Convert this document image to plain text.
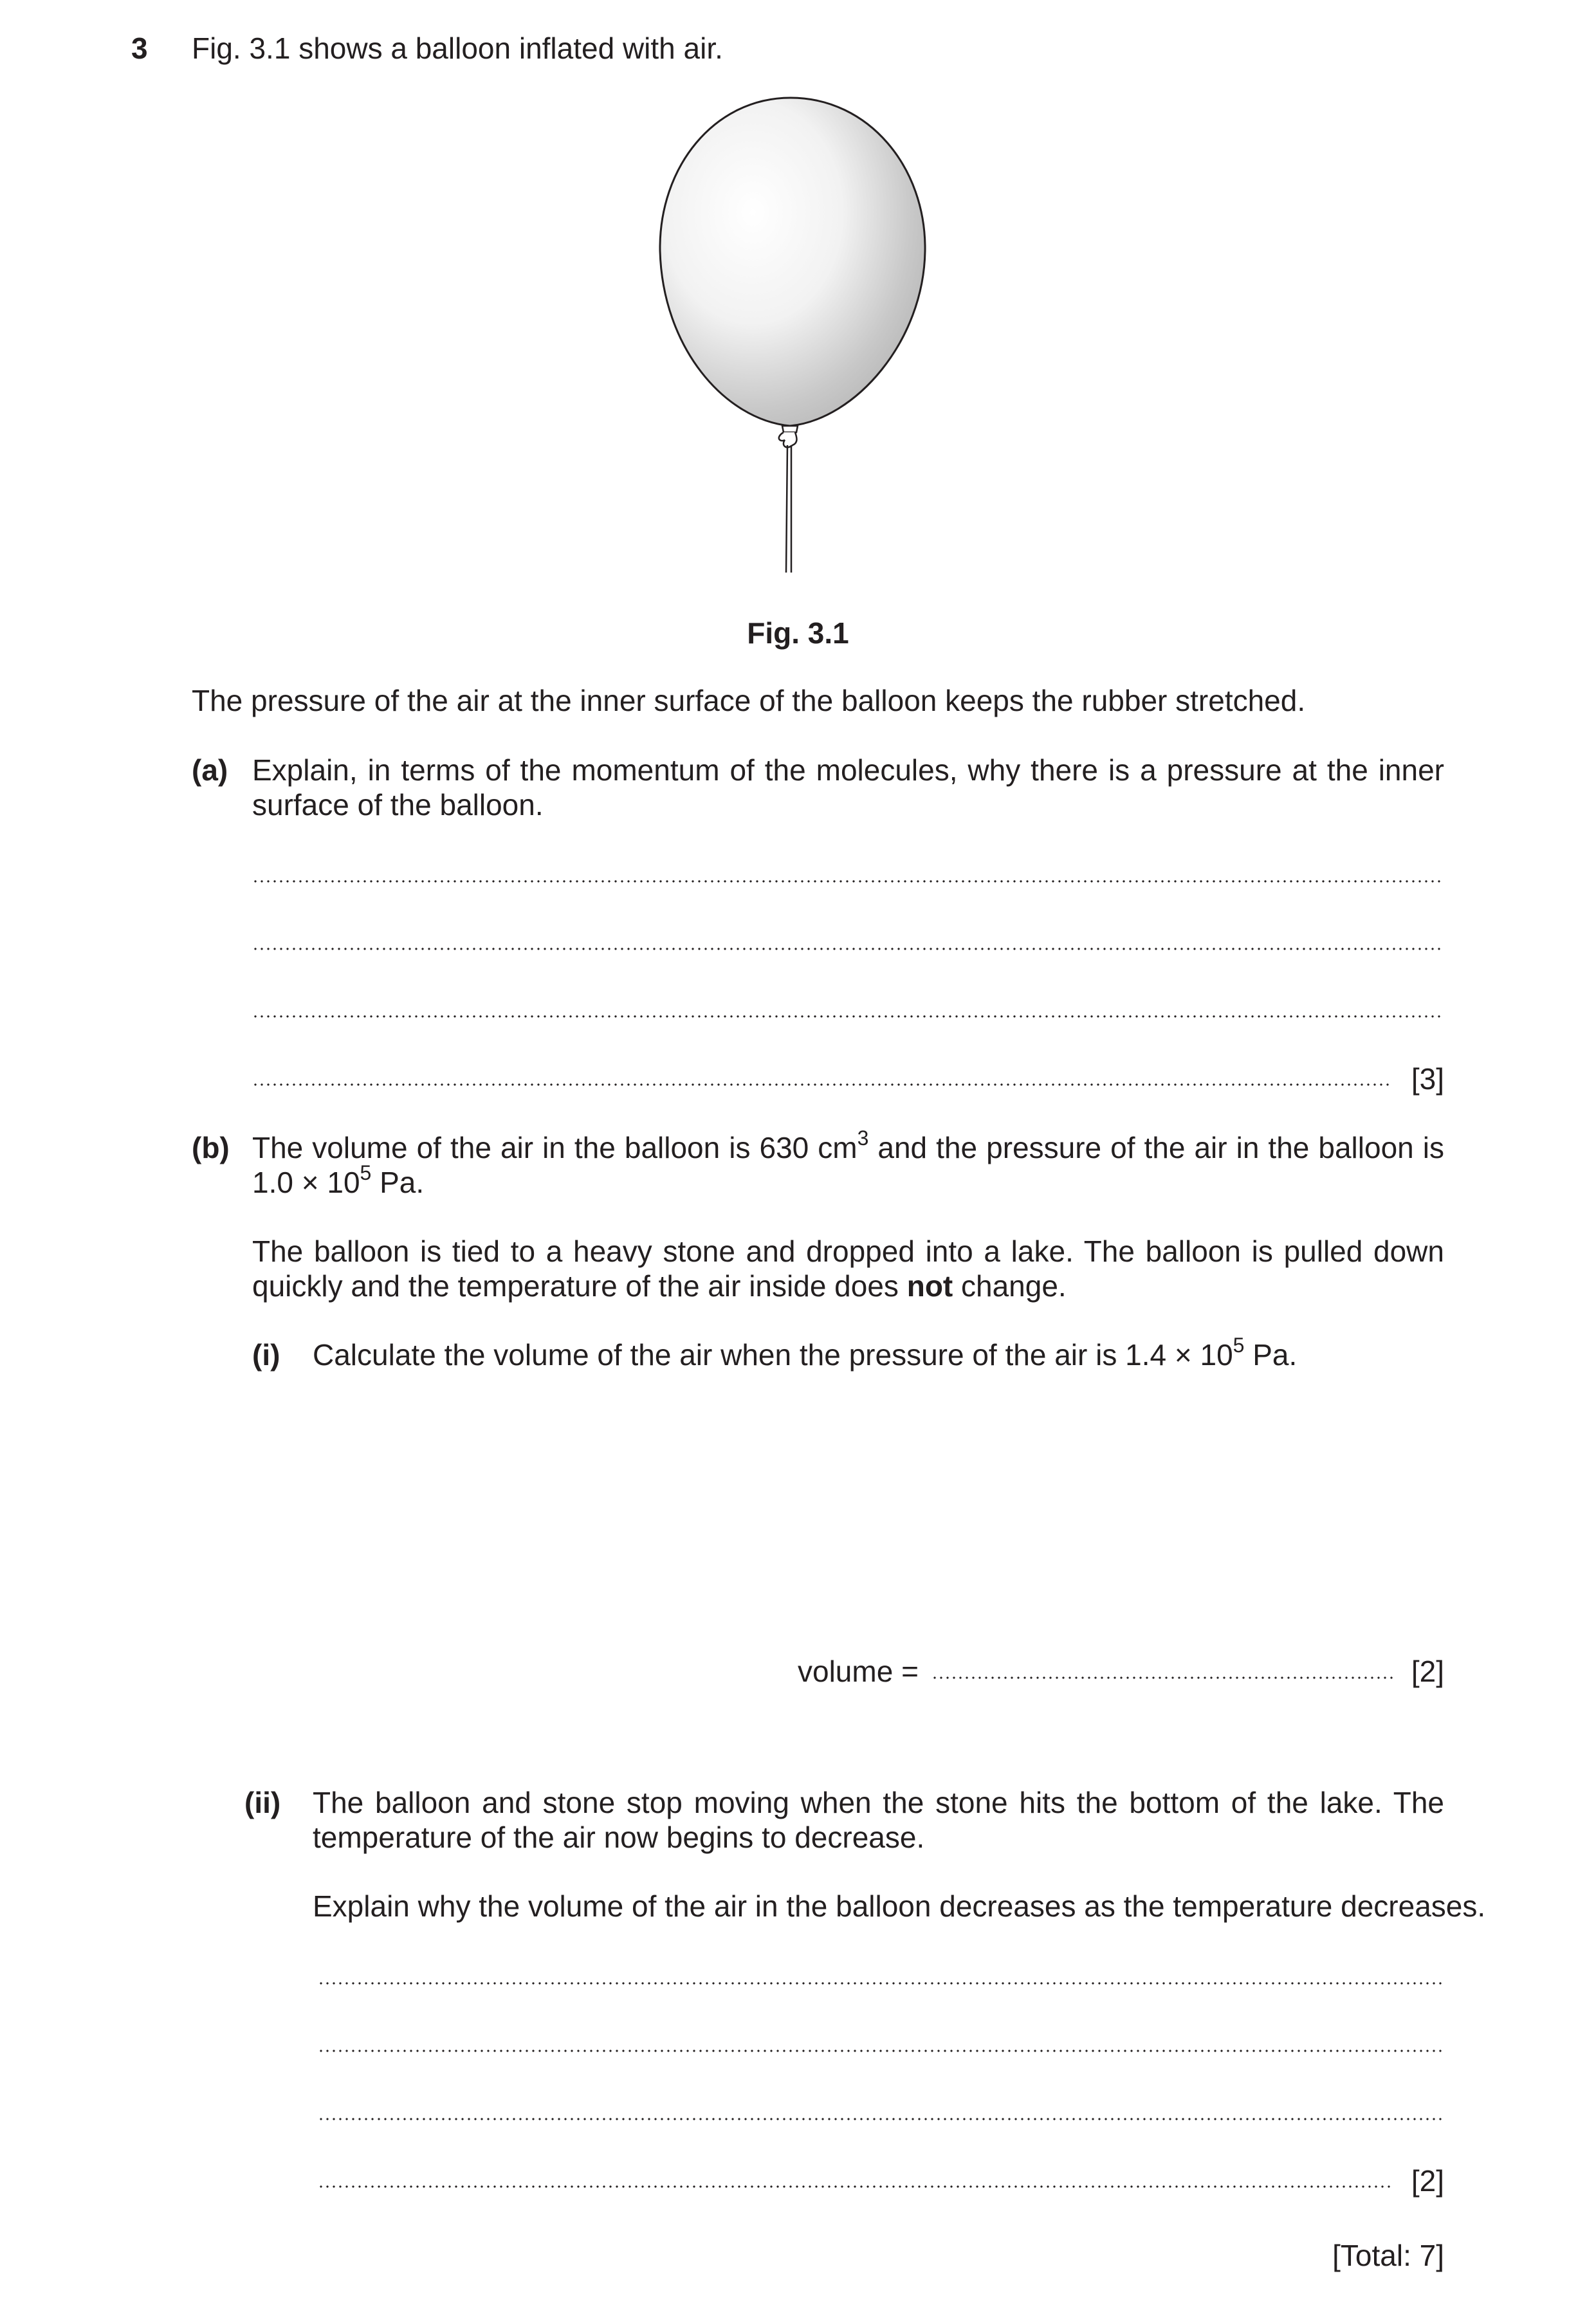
3 Fig. 3.1 shows a balloon inflated with air.
Fig. 3.1
The pressure of the air at the inner surface of the balloon keeps the rubber stretched.
(a) Explain, in terms of the momentum of the molecules, why there is a pressure at the inner
surface of the balloon.
[3]
(b) The volume of the air in the balloon is 630 $cm^3$ and the pressure of the air in the balloon is
$1.0 \times 10^5$ Pa.
The balloon is tied to a heavy stone and dropped into a lake. The balloon is pulled down
quickly and the temperature of the air inside does not change.
(i) Calculate the volume of the air when the pressure of the air is $1.4 \times 10^5$ Pa.
volume =	[2]
(ii) The balloon and stone stop moving when the stone hits the bottom of the lake. The
temperature of the air now begins to decrease.
Explain why the volume of the air in the balloon decreases as the temperature decreases.
[2]
[Total: 7]
